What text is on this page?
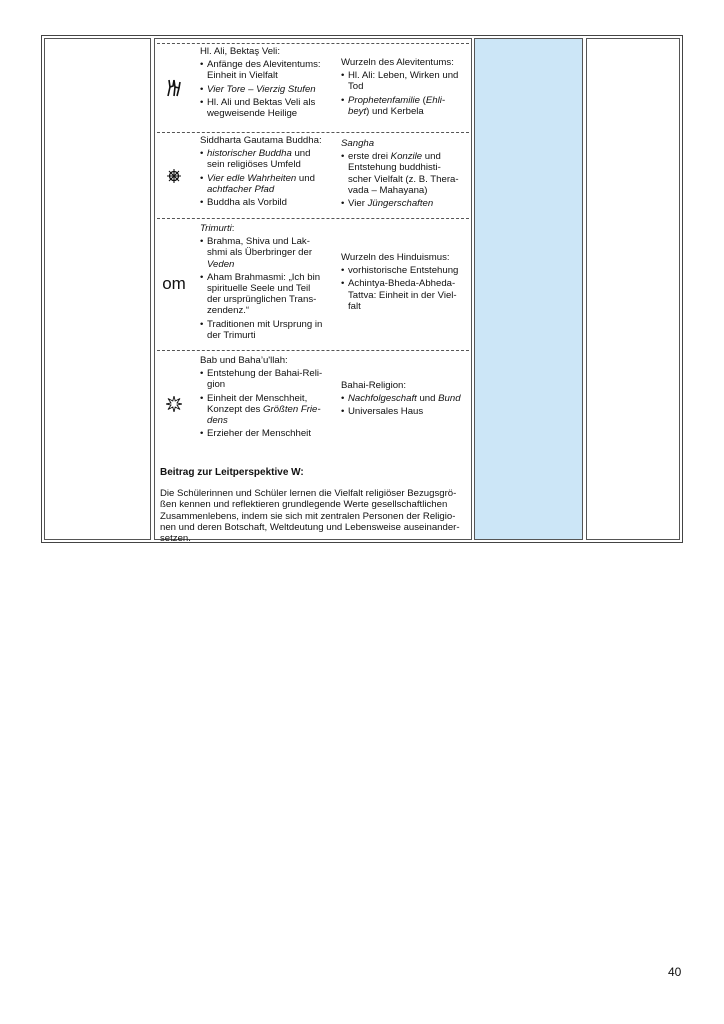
Hl. Ali, Bektaş Veli:

• Anfänge des Alevitentums:
Einheit in Vielfalt
• Vier Tore – Vierzig Stufen
• Hl. Ali und Bektas Veli als
wegweisende Heilige

Wurzeln des Alevitentums:

• Hl. Ali: Leben, Wirken und
Tod
• Prophetenfamilie (Ehli-
beyt) und Kerbela

Siddharta Gautama Buddha:

• historischer Buddha und
sein religiöses Umfeld
• Vier edle Wahrheiten und
achtfacher Pfad
• Buddha als Vorbild

Sangha

• erste drei Konzile und
Entstehung buddhisti-
scher Vielfalt (z. B. Thera-
vada – Mahayana)
• Vier Jüngerschaften
om

Trimurti:

• Brahma, Shiva und Lak-
shmi als Überbringer der
Veden
• Aham Brahmasmi: „Ich bin
spirituelle Seele und Teil
der ursprünglichen Trans-
zendenz.“
• Traditionen mit Ursprung in
der Trimurti

Wurzeln des Hinduismus:

• vorhistorische Entstehung
• Achintya-Bheda-Abheda-
Tattva: Einheit in der Viel-
falt

Bab und Baha’u'llah:

• Entstehung der Bahai-Reli-
gion
• Einheit der Menschheit,
Konzept des Größten Frie-
dens
• Erzieher der Menschheit

Bahai-Religion:

• Nachfolgeschaft und Bund
• Universales Haus

Beitrag zur Leitperspektive W:

Die Schülerinnen und Schüler lernen die Vielfalt religiöser Bezugsgrö-
ßen kennen und reflektieren grundlegende Werte gesellschaftlichen
Zusammenlebens, indem sie sich mit zentralen Personen der Religio-
nen und deren Botschaft, Weltdeutung und Lebensweise auseinander-
setzen.

40
